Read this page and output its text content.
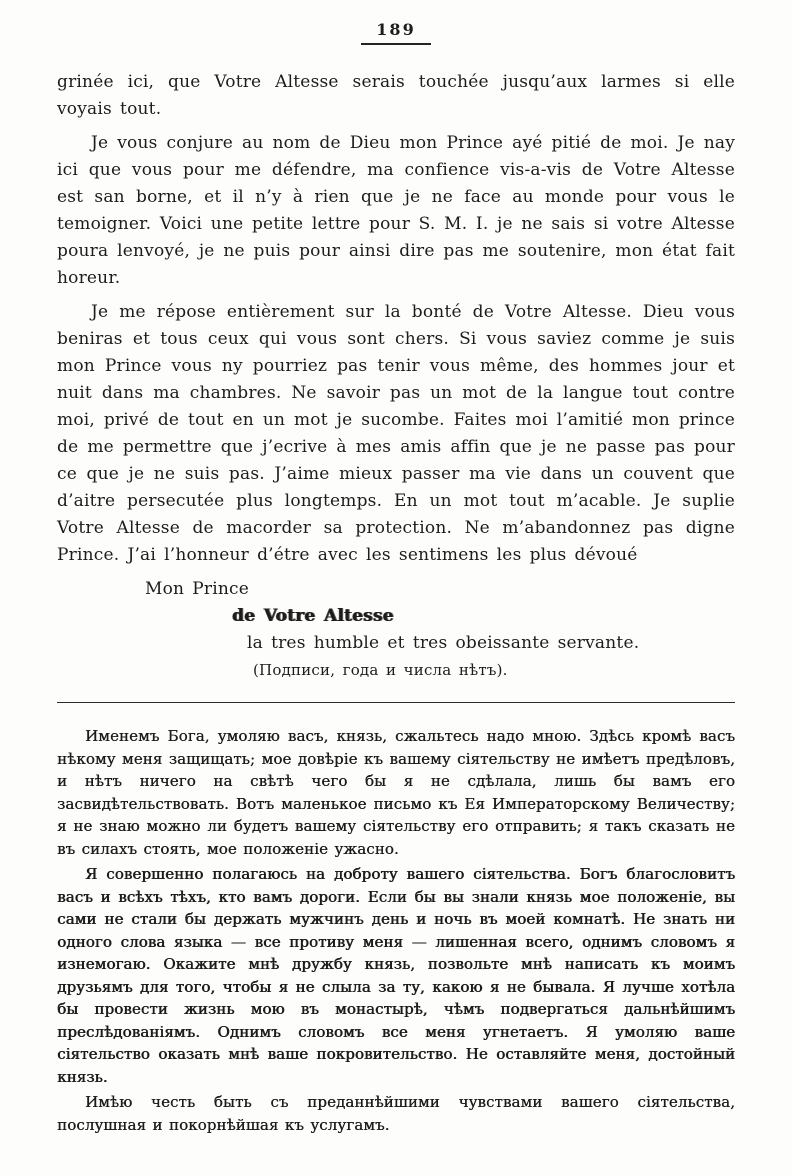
189

grinée ici, que Votre Altesse serais touchée jusqu’aux larmes si elle voyais tout.

Je vous conjure au nom de Dieu mon Prince ayé pitié de moi. Je nay ici que vous pour me défendre, ma confience vis-a-vis de Votre Altesse est san borne, et il n’y à rien que je ne face au monde pour vous le temoigner. Voici une petite lettre pour S. M. I. je ne sais si votre Altesse poura lenvoyé, je ne puis pour ainsi dire pas me soutenire, mon état fait horeur.

Je me répose entièrement sur la bonté de Votre Altesse. Dieu vous beniras et tous ceux qui vous sont chers. Si vous saviez comme je suis mon Prince vous ny pourriez pas tenir vous même, des hommes jour et nuit dans ma chambres. Ne savoir pas un mot de la langue tout contre moi, privé de tout en un mot je sucombe. Faites moi l’amitié mon prince de me permettre que j’ecrive à mes amis affin que je ne passe pas pour ce que je ne suis pas. J’aime mieux passer ma vie dans un couvent que d’aitre persecutée plus longtemps. En un mot tout m’acable. Je suplie Votre Altesse de macorder sa protection. Ne m’abandonnez pas digne Prince. J’ai l’honneur d’étre avec les sentimens les plus dévoué

Mon Prince

de Votre Altesse

la tres humble et tres obeissante servante.

(Подписи, года и числа нѣтъ).

Именемъ Бога, умоляю васъ, князь, сжальтесь надо мною. Здѣсь кромѣ васъ нѣкому меня защищать; мое довѣріе къ вашему сіятельству не имѣетъ предѣловъ, и нѣтъ ничего на свѣтѣ чего бы я не сдѣлала, лишь бы вамъ его засвидѣтельствовать. Вотъ маленькое письмо къ Ея Императорскому Величеству; я не знаю можно ли будетъ вашему сіятельству его отправить; я такъ сказать не въ силахъ стоять, мое положеніе ужасно.

Я совершенно полагаюсь на доброту вашего сіятельства. Богъ благословитъ васъ и всѣхъ тѣхъ, кто вамъ дороги. Если бы вы знали князь мое положеніе, вы сами не стали бы держать мужчинъ день и ночь въ моей комнатѣ. Не знать ни одного слова языка — все противу меня — лишенная всего, однимъ словомъ я изнемогаю. Окажите мнѣ дружбу князь, позвольте мнѣ написать къ моимъ друзьямъ для того, чтобы я не слыла за ту, какою я не бывала. Я лучше хотѣла бы провести жизнь мою въ монастырѣ, чѣмъ подвергаться дальнѣйшимъ преслѣдованіямъ. Однимъ словомъ все меня угнетаетъ. Я умоляю ваше сіятельство оказать мнѣ ваше покровительство. Не оставляйте меня, достойный князь.

Имѣю честь быть съ преданнѣйшими чувствами вашего сіятельства, послушная и покорнѣйшая къ услугамъ.
